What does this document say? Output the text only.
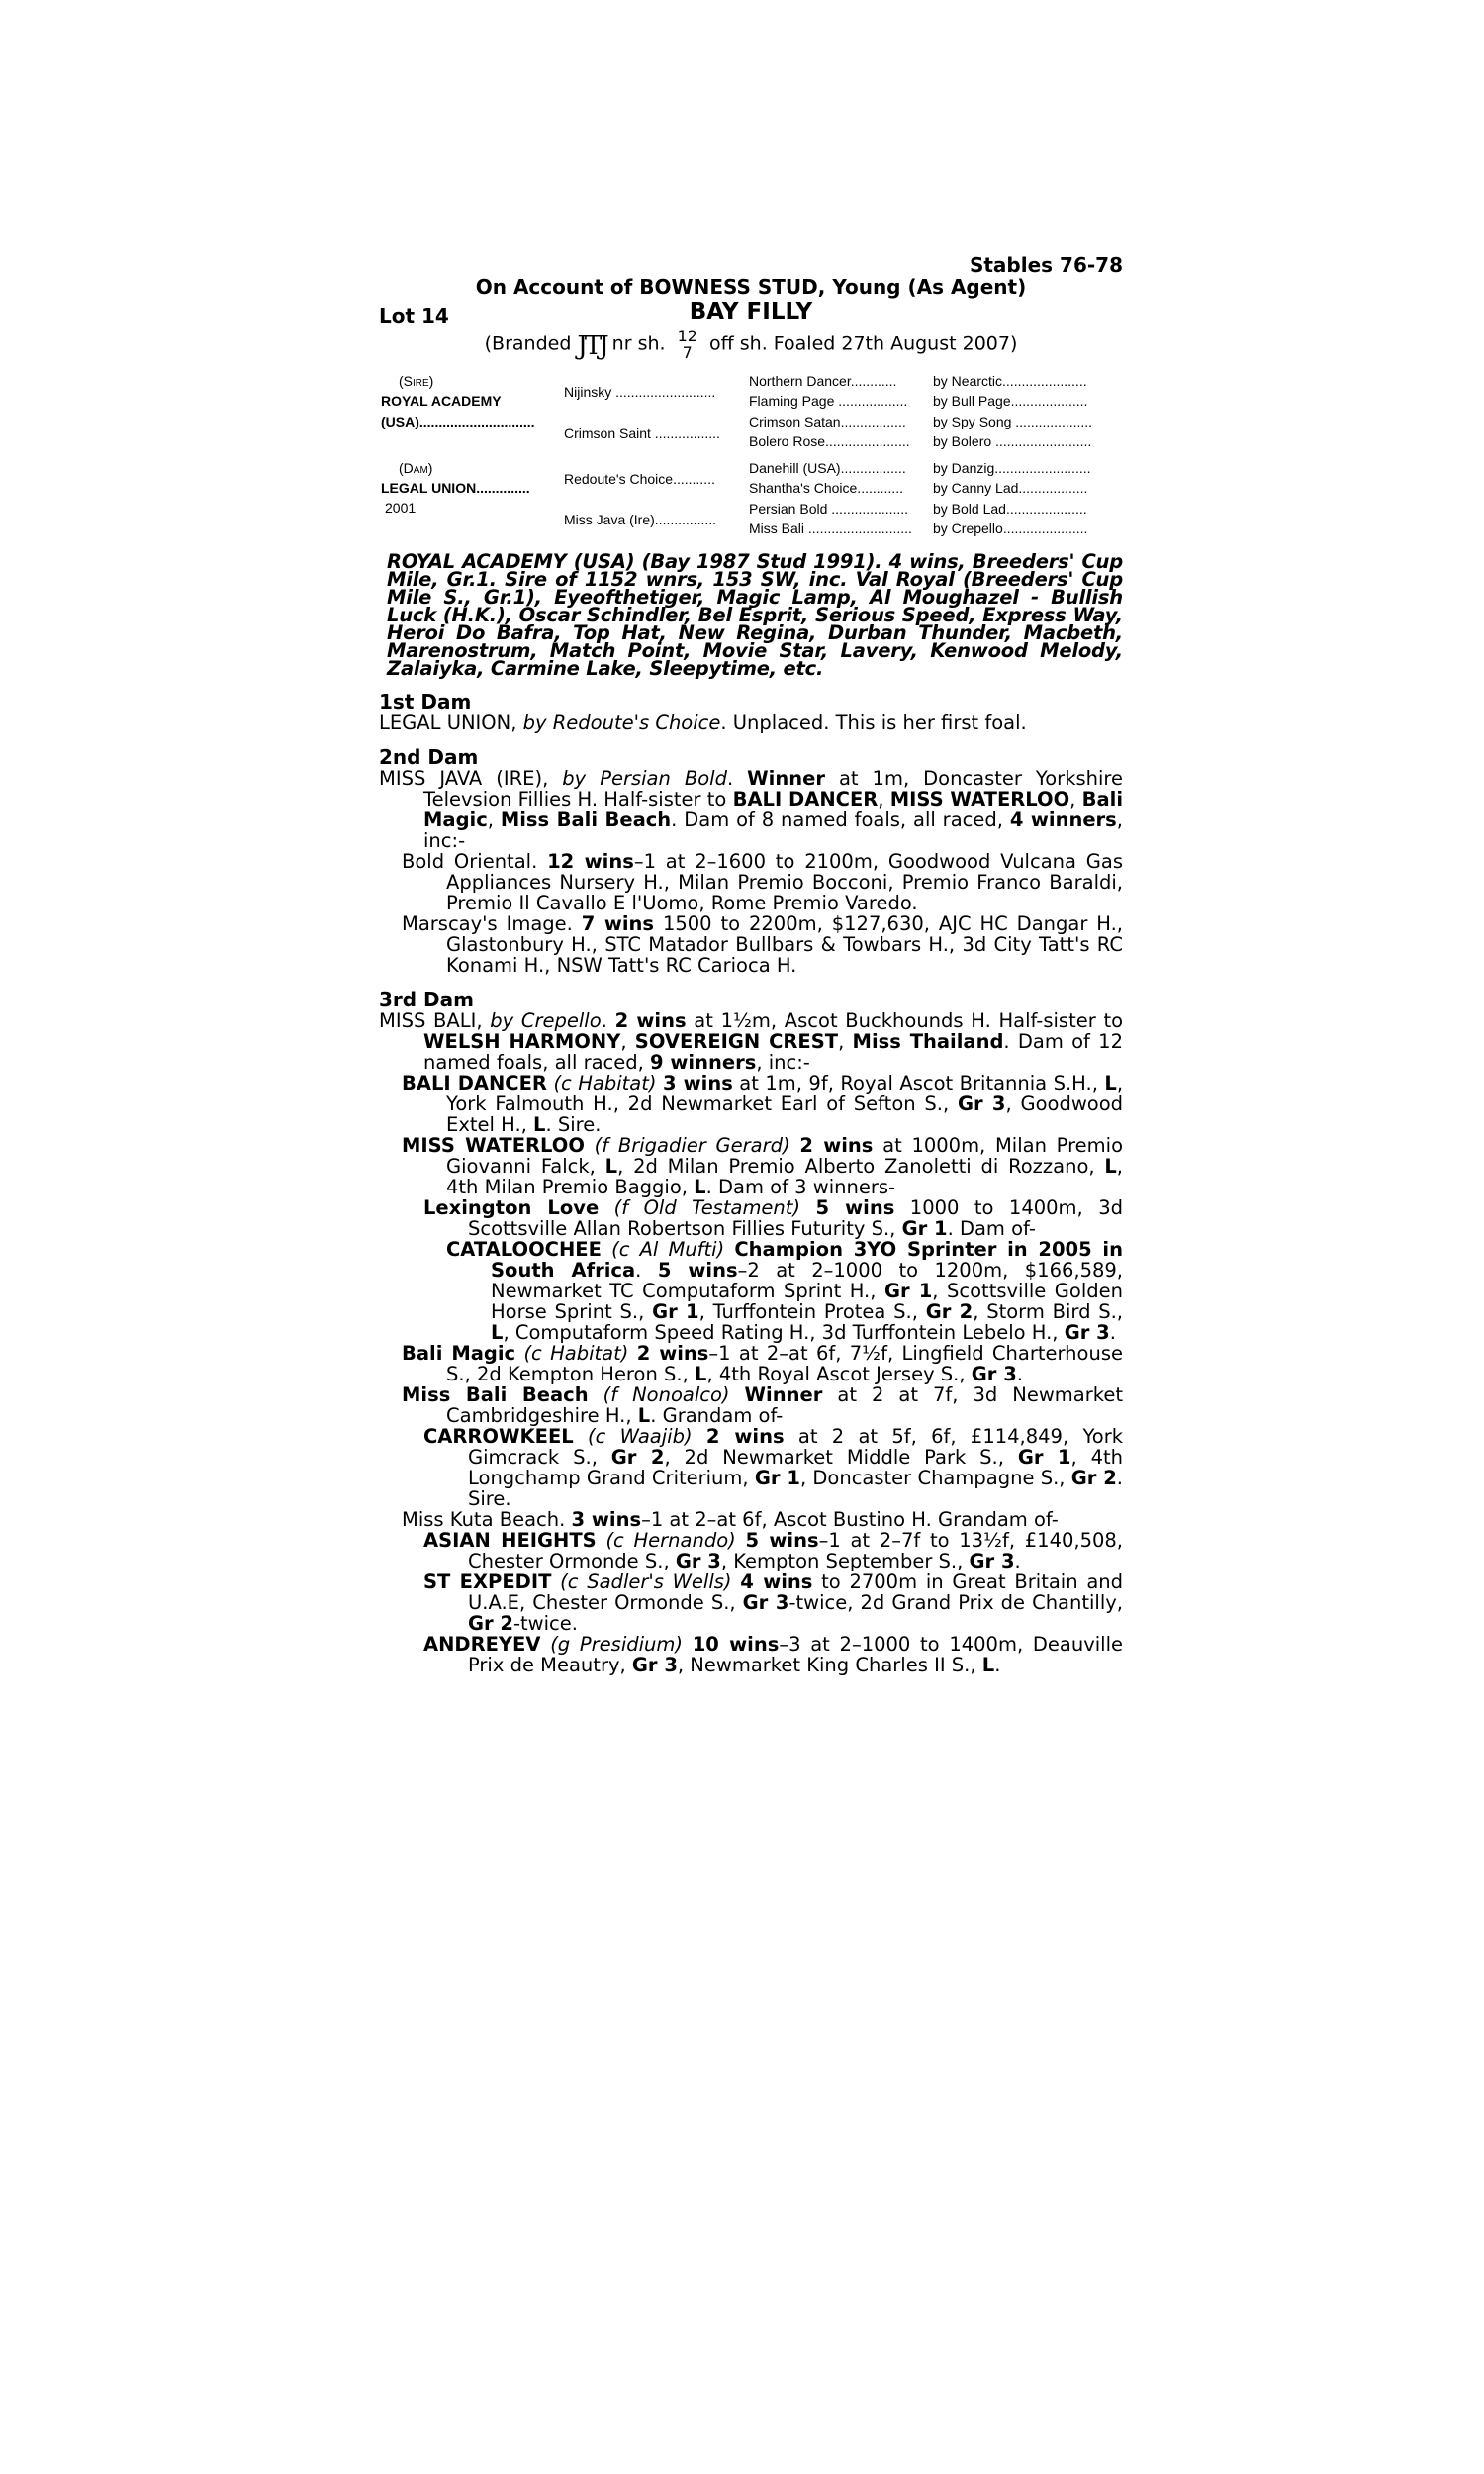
Stables 76-78
On Account of BOWNESS STUD, Young (As Agent)
Lot 14	BAY FILLY
(Branded JTJ nr sh. 12
7 off sh. Foaled 27th August 2007)
(Sire)
ROYAL ACADEMY
(USA)..............................
(Dam)
LEGAL UNION..............
2001
Nijinsky ..........................
Crimson Saint .................
Redoute's Choice...........
Miss Java (Ire)................
Northern Dancer............
Flaming Page ..................
Crimson Satan.................
Bolero Rose......................
Danehill (USA).................
Shantha's Choice............
Persian Bold ....................
Miss Bali ...........................
by Nearctic......................
by Bull Page....................
by Spy Song ....................
by Bolero .........................
by Danzig.........................
by Canny Lad..................
by Bold Lad.....................
by Crepello......................
ROYAL ACADEMY (USA) (Bay 1987 Stud 1991). 4 wins, Breeders' Cup Mile, Gr.1. Sire of 1152 wnrs, 153 SW, inc. Val Royal (Breeders' Cup Mile S., Gr.1), Eyeofthetiger, Magic Lamp, Al Moughazel - Bullish Luck (H.K.), Oscar Schindler, Bel Esprit, Serious Speed, Express Way, Heroi Do Bafra, Top Hat, New Regina, Durban Thunder, Macbeth, Marenostrum, Match Point, Movie Star, Lavery, Kenwood Melody, Zalaiyka, Carmine Lake, Sleepytime, etc.
1st Dam
LEGAL UNION, by Redoute's Choice. Unplaced. This is her first foal.
2nd Dam
MISS JAVA (IRE), by Persian Bold. Winner at 1m, Doncaster Yorkshire Televsion Fillies H. Half-sister to BALI DANCER, MISS WATERLOO, Bali Magic, Miss Bali Beach. Dam of 8 named foals, all raced, 4 winners, inc:-
Bold Oriental. 12 wins–1 at 2–1600 to 2100m, Goodwood Vulcana Gas Appliances Nursery H., Milan Premio Bocconi, Premio Franco Baraldi, Premio Il Cavallo E l'Uomo, Rome Premio Varedo.
Marscay's Image. 7 wins 1500 to 2200m, $127,630, AJC HC Dangar H., Glastonbury H., STC Matador Bullbars & Towbars H., 3d City Tatt's RC Konami H., NSW Tatt's RC Carioca H.
3rd Dam
MISS BALI, by Crepello. 2 wins at 1½m, Ascot Buckhounds H. Half-sister to WELSH HARMONY, SOVEREIGN CREST, Miss Thailand. Dam of 12 named foals, all raced, 9 winners, inc:-
BALI DANCER (c Habitat) 3 wins at 1m, 9f, Royal Ascot Britannia S.H., L, York Falmouth H., 2d Newmarket Earl of Sefton S., Gr 3, Goodwood Extel H., L. Sire.
MISS WATERLOO (f Brigadier Gerard) 2 wins at 1000m, Milan Premio Giovanni Falck, L, 2d Milan Premio Alberto Zanoletti di Rozzano, L, 4th Milan Premio Baggio, L. Dam of 3 winners-
Lexington Love (f Old Testament) 5 wins 1000 to 1400m, 3d Scottsville Allan Robertson Fillies Futurity S., Gr 1. Dam of-
CATALOOCHEE (c Al Mufti) Champion 3YO Sprinter in 2005 in South Africa. 5 wins–2 at 2–1000 to 1200m, $166,589, Newmarket TC Computaform Sprint H., Gr 1, Scottsville Golden Horse Sprint S., Gr 1, Turffontein Protea S., Gr 2, Storm Bird S., L, Computaform Speed Rating H., 3d Turffontein Lebelo H., Gr 3.
Bali Magic (c Habitat) 2 wins–1 at 2–at 6f, 7½f, Lingfield Charterhouse S., 2d Kempton Heron S., L, 4th Royal Ascot Jersey S., Gr 3.
Miss Bali Beach (f Nonoalco) Winner at 2 at 7f, 3d Newmarket Cambridgeshire H., L. Grandam of-
CARROWKEEL (c Waajib) 2 wins at 2 at 5f, 6f, £114,849, York Gimcrack S., Gr 2, 2d Newmarket Middle Park S., Gr 1, 4th Longchamp Grand Criterium, Gr 1, Doncaster Champagne S., Gr 2. Sire.
Miss Kuta Beach. 3 wins–1 at 2–at 6f, Ascot Bustino H. Grandam of-
ASIAN HEIGHTS (c Hernando) 5 wins–1 at 2–7f to 13½f, £140,508, Chester Ormonde S., Gr 3, Kempton September S., Gr 3.
ST EXPEDIT (c Sadler's Wells) 4 wins to 2700m in Great Britain and U.A.E, Chester Ormonde S., Gr 3-twice, 2d Grand Prix de Chantilly, Gr 2-twice.
ANDREYEV (g Presidium) 10 wins–3 at 2–1000 to 1400m, Deauville Prix de Meautry, Gr 3, Newmarket King Charles II S., L.
